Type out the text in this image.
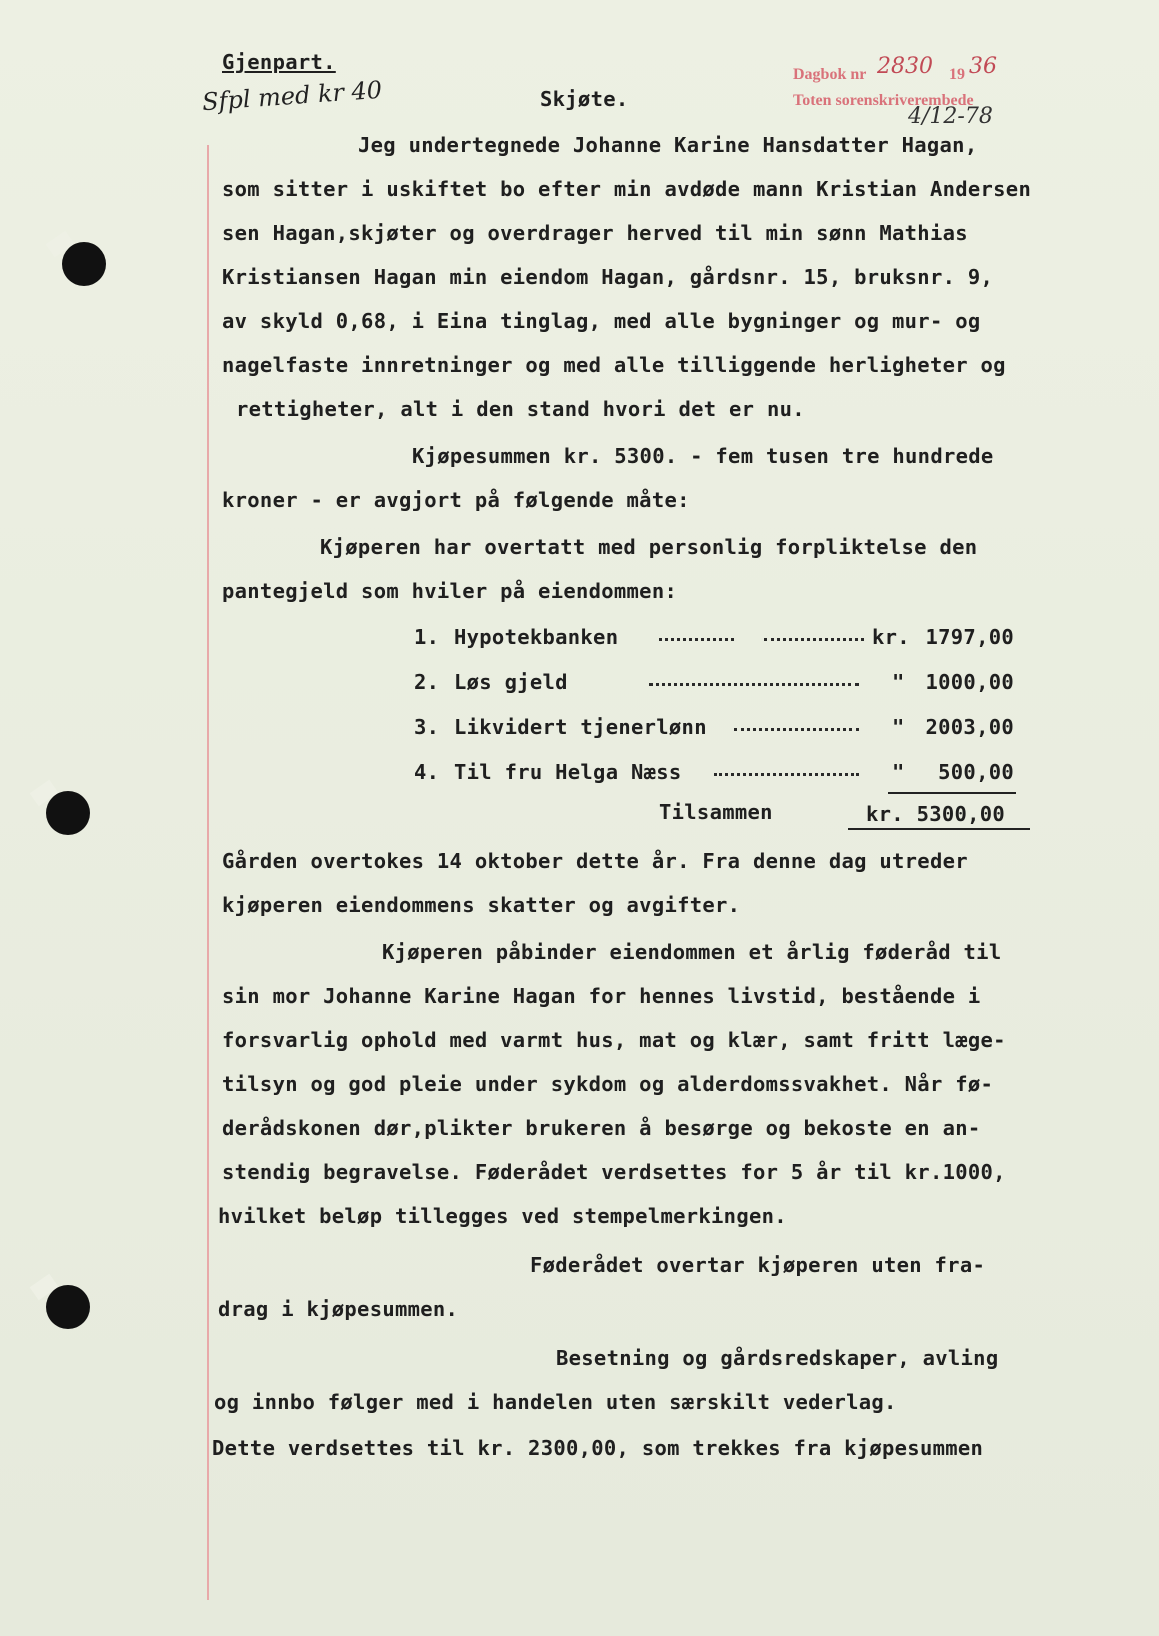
Gjenpart.
Sfpl med kr 40
Dagbok nr 2830 19 36
Toten sorenskriverembede
4/12-78
Skjøte.
Jeg undertegnede Johanne Karine Hansdatter Hagan,
som sitter i uskiftet bo efter min avdøde mann Kristian Andersen
sen Hagan,skjøter og overdrager herved til min sønn Mathias
Kristiansen Hagan min eiendom Hagan, gårdsnr. 15, bruksnr. 9,
av skyld 0,68, i Eina tinglag, med alle bygninger og mur- og
nagelfaste innretninger og med alle tilliggende herligheter og
rettigheter, alt i den stand hvori det er nu.
Kjøpesummen kr. 5300. - fem tusen tre hundrede
kroner - er avgjort på følgende måte:
Kjøperen har overtatt med personlig forpliktelse den
pantegjeld som hviler på eiendommen:
1. Hypotekbanken	kr. 1797,00
2. Løs gjeld	" 1000,00
3. Likvidert tjenerlønn	" 2003,00
4. Til fru Helga Næss	" 500,00
Tilsammen	kr. 5300,00
Gården overtokes 14 oktober dette år. Fra denne dag utreder
kjøperen eiendommens skatter og avgifter.
Kjøperen påbinder eiendommen et årlig føderåd til
sin mor Johanne Karine Hagan for hennes livstid, bestående i
forsvarlig ophold med varmt hus, mat og klær, samt fritt læge-
tilsyn og god pleie under sykdom og alderdomssvakhet. Når fø-
derådskonen dør,plikter brukeren å besørge og bekoste en an-
stendig begravelse. Føderådet verdsettes for 5 år til kr.1000,
hvilket beløp tillegges ved stempelmerkingen.
Føderådet overtar kjøperen uten fra-
drag i kjøpesummen.
Besetning og gårdsredskaper, avling
og innbo følger med i handelen uten særskilt vederlag.
Dette verdsettes til kr. 2300,00, som trekkes fra kjøpesummen
